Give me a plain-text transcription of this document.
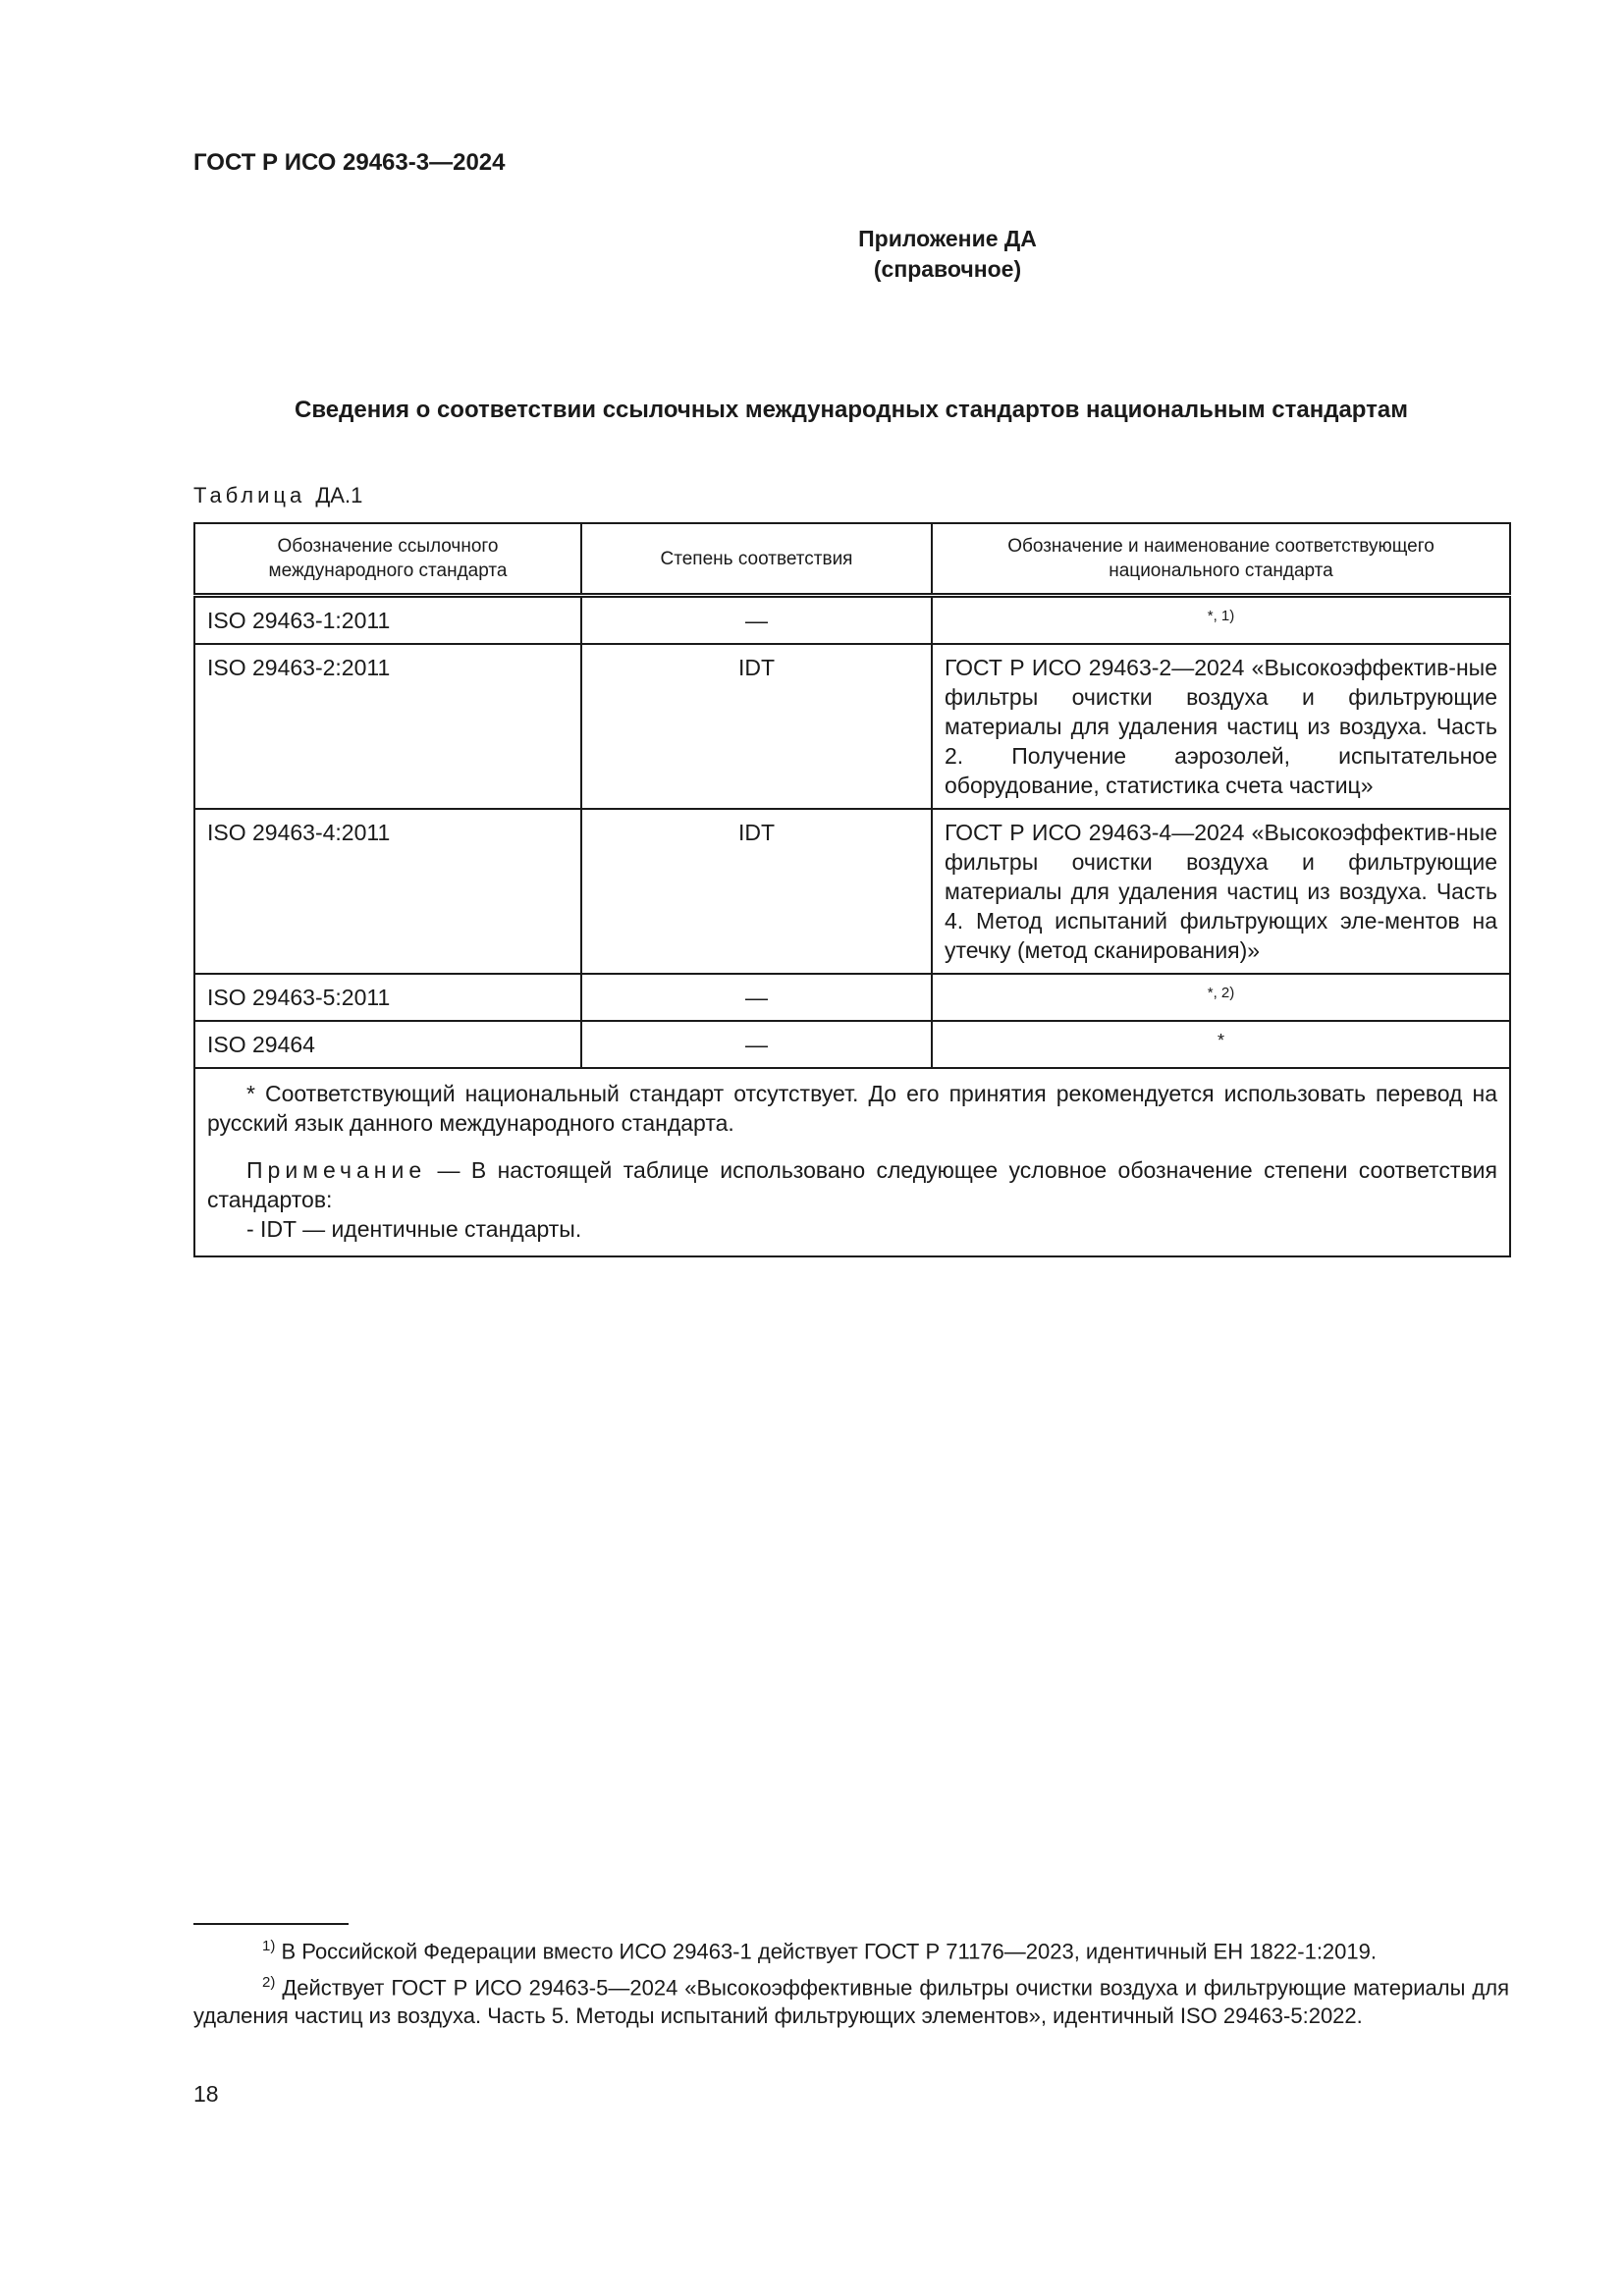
ГОСТ Р ИСО 29463-3—2024
Приложение ДА
(справочное)
Сведения о соответствии ссылочных международных стандартов национальным стандартам
Таблица ДА.1
Обозначение ссылочного международного стандарта	Степень соответствия	Обозначение и наименование соответствующего национального стандарта
ISO 29463-1:2011	—	$^{*, 1)}$
ISO 29463-2:2011	IDT	ГОСТ Р ИСО 29463-2—2024 «Высокоэффектив-ные фильтры очистки воздуха и фильтрующие материалы для удаления частиц из воздуха. Часть 2. Получение аэрозолей, испытательное оборудование, статистика счета частиц»
ISO 29463-4:2011	IDT	ГОСТ Р ИСО 29463-4—2024 «Высокоэффектив-ные фильтры очистки воздуха и фильтрующие материалы для удаления частиц из воздуха. Часть 4. Метод испытаний фильтрующих эле-ментов на утечку (метод сканирования)»
ISO 29463-5:2011	—	$^{*, 2)}$
ISO 29464	—	*

* Соответствующий национальный стандарт отсутствует. До его принятия рекомендуется использовать перевод на русский язык данного международного стандарта.

Примечание — В настоящей таблице использовано следующее условное обозначение степени соответствия стандартов:

- IDT — идентичные стандарты.		

$^{1)}$ В Российской Федерации вместо ИСО 29463-1 действует ГОСТ Р 71176—2023, идентичный ЕН 1822-1:2019.

$^{2)}$ Действует ГОСТ Р ИСО 29463-5—2024 «Высокоэффективные фильтры очистки воздуха и фильтрующие материалы для удаления частиц из воздуха. Часть 5. Методы испытаний фильтрующих элементов», идентичный ISO 29463-5:2022.

18
